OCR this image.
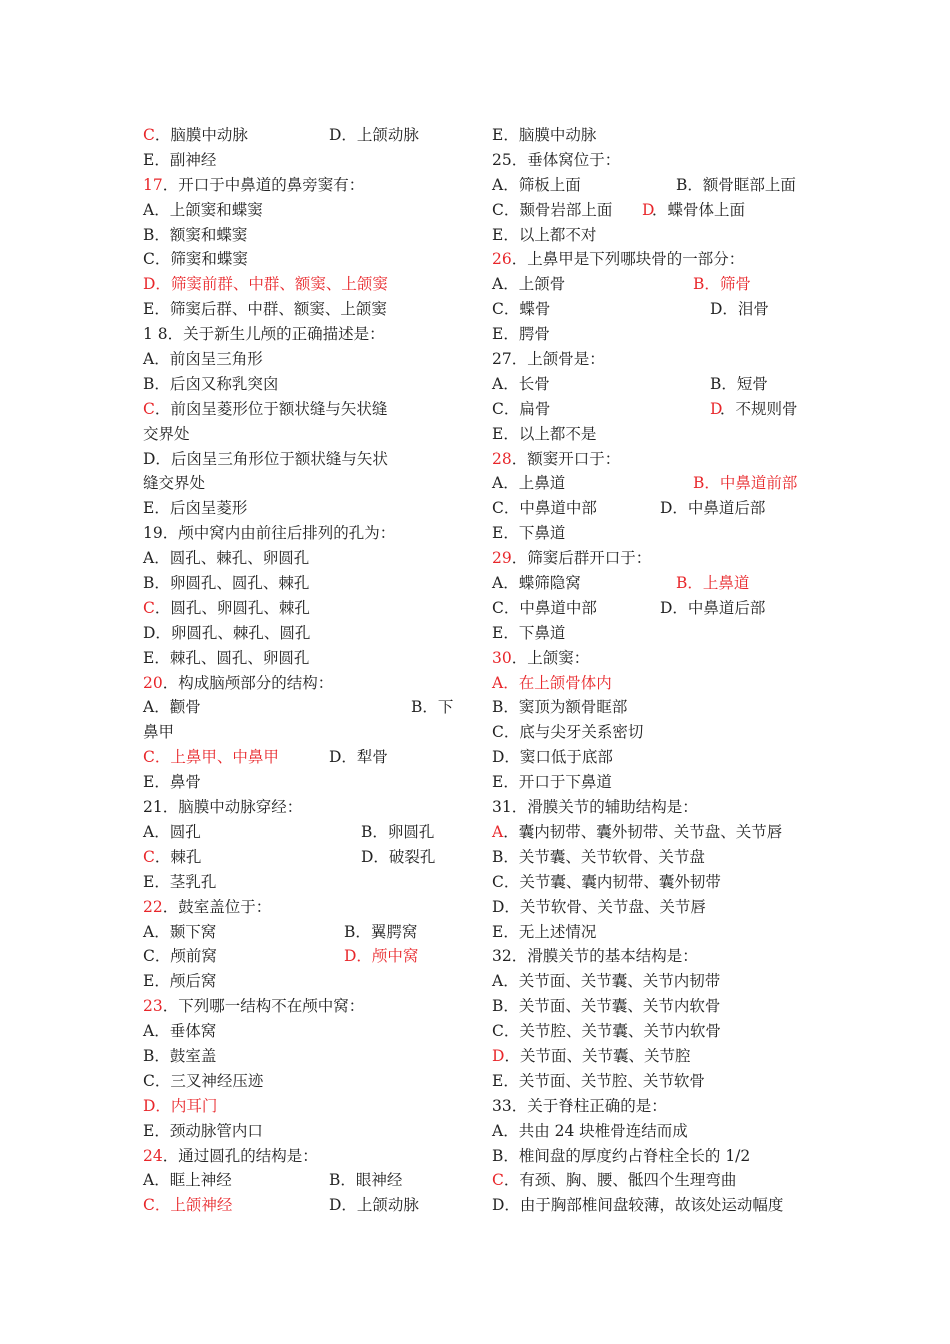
C ．脑膜中动脉	D．上颌动脉
E．副神经
17 ．开口于中鼻道的鼻旁窦有：
A．上颌窦和蝶窦
B．额窦和蝶窦
C．筛窦和蝶窦
D．筛窦前群、中群、额窦、上颌窦
E．筛窦后群、中群、额窦、上颌窦
1 8．关于新生儿颅的正确描述是：
A．前囟呈三角形
B．后囟又称乳突囟
C ．前囟呈菱形位于额状缝与矢状缝
交界处
D．后囟呈三角形位于额状缝与矢状
缝交界处
E．后囟呈菱形
19．颅中窝内由前往后排列的孔为：
A．圆孔、棘孔、卵圆孔
B．卵圆孔、圆孔、棘孔
C ．圆孔、卵圆孔、棘孔
D．卵圆孔、棘孔、圆孔
E．棘孔、圆孔、卵圆孔
20 ．构成脑颅部分的结构：
A．颧骨	B．下
鼻甲
C．上鼻甲、中鼻甲	D．犁骨
E．鼻骨
21．脑膜中动脉穿经：
A．圆孔	B．卵圆孔
C ．棘孔	D．破裂孔
E．茎乳孔
22 ．鼓室盖位于：
A．颞下窝	B．翼腭窝
C．颅前窝	D．颅中窝
E．颅后窝
23 ．下列哪一结构不在颅中窝：
A．垂体窝
B．鼓室盖
C．三叉神经压迹
D．内耳门
E．颈动脉管内口
24 ．通过圆孔的结构是：
A．眶上神经	B．眼神经
C．上颌神经	D．上颌动脉
E．脑膜中动脉
25．垂体窝位于：
A．筛板上面	B．额骨眶部上面
C．颞骨岩部上面 D
．蝶骨体上面
E．以上都不对
26 ．上鼻甲是下列哪块骨的一部分：
A．上颌骨	B．筛骨
C．蝶骨	D．泪骨
E．腭骨
27．上颌骨是：
A．长骨	B．短骨
C．扁骨	D
．不规则骨
E．以上都不是
28 ．额窦开口于：
A．上鼻道	B．中鼻道前部
C．中鼻道中部	D．中鼻道后部
E．下鼻道
29 ．筛窦后群开口于：
A．蝶筛隐窝	B．上鼻道
C．中鼻道中部	D．中鼻道后部
E．下鼻道
30 ．上颌窦：
A．在上颌骨体内
B．窦顶为额骨眶部
C．底与尖牙关系密切
D．窦口低于底部
E．开口于下鼻道
31．滑膜关节的辅助结构是：
A ．囊内韧带、囊外韧带、关节盘、关节唇
B．关节囊、关节软骨、关节盘
C．关节囊、囊内韧带、囊外韧带
D．关节软骨、关节盘、关节唇
E．无上述情况
32．滑膜关节的基本结构是：
A．关节面、关节囊、关节内韧带
B．关节面、关节囊、关节内软骨
C．关节腔、关节囊、关节内软骨
D ．关节面、关节囊、关节腔
E．关节面、关节腔、关节软骨
33．关于脊柱正确的是：
A．共由 24 块椎骨连结而成
B．椎间盘的厚度约占脊柱全长的 1/2
C ．有颈、胸、腰、骶四个生理弯曲
D．由于胸部椎间盘较薄，故该处运动幅度
